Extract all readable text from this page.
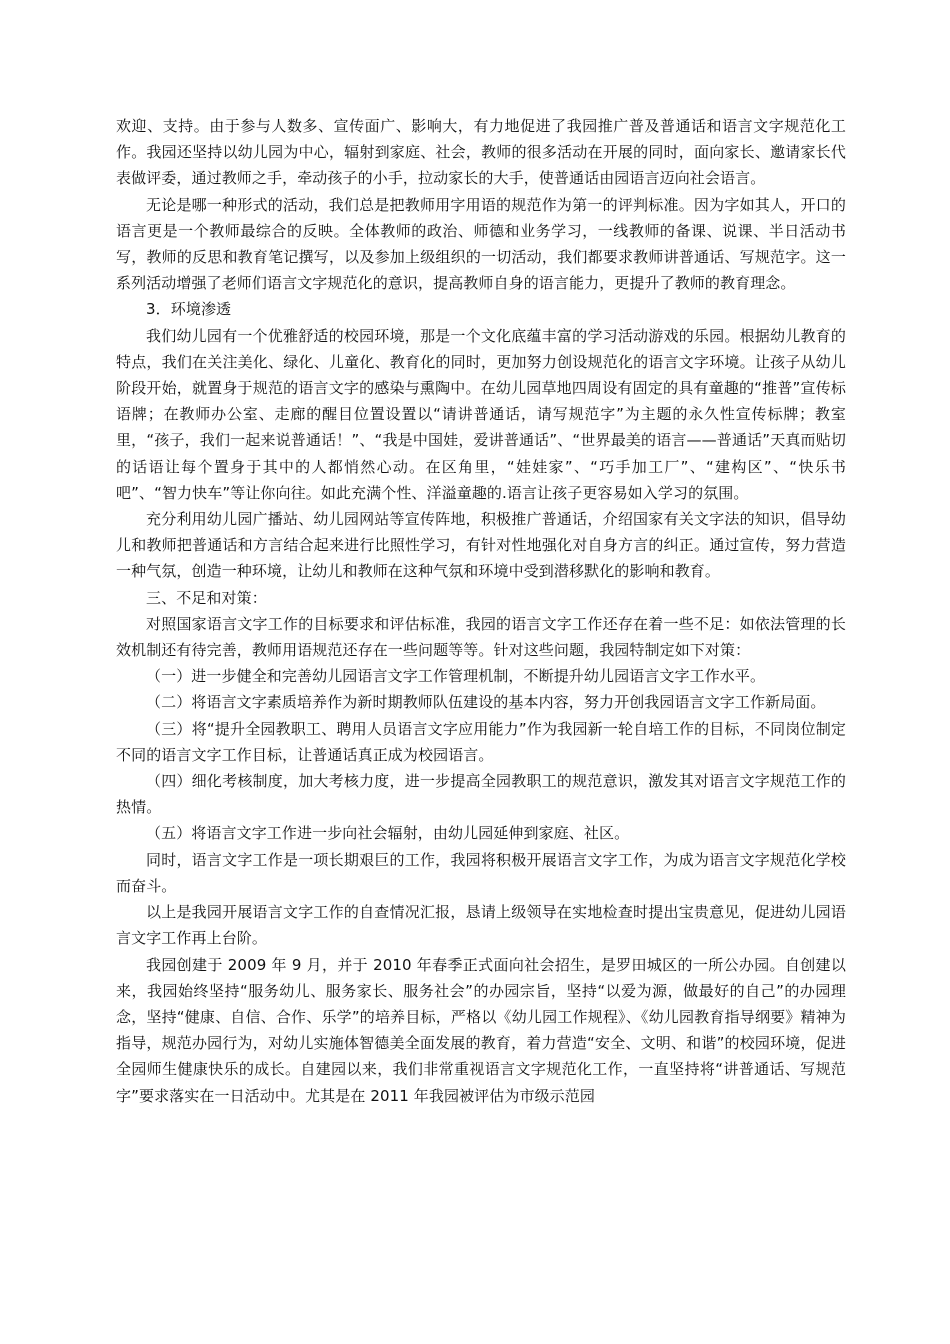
欢迎、支持。由于参与人数多、宣传面广、影响大，有力地促进了我园推广普及普通话和语言文字规范化工作。我园还坚持以幼儿园为中心，辐射到家庭、社会，教师的很多活动在开展的同时，面向家长、邀请家长代表做评委，通过教师之手，牵动孩子的小手，拉动家长的大手，使普通话由园语言迈向社会语言。

无论是哪一种形式的活动，我们总是把教师用字用语的规范作为第一的评判标准。因为字如其人，开口的语言更是一个教师最综合的反映。全体教师的政治、师德和业务学习，一线教师的备课、说课、半日活动书写，教师的反思和教育笔记撰写，以及参加上级组织的一切活动，我们都要求教师讲普通话、写规范字。这一系列活动增强了老师们语言文字规范化的意识，提高教师自身的语言能力，更提升了教师的教育理念。

3．环境渗透

我们幼儿园有一个优雅舒适的校园环境，那是一个文化底蕴丰富的学习活动游戏的乐园。根据幼儿教育的特点，我们在关注美化、绿化、儿童化、教育化的同时，更加努力创设规范化的语言文字环境。让孩子从幼儿阶段开始，就置身于规范的语言文字的感染与熏陶中。在幼儿园草地四周设有固定的具有童趣的“推普”宣传标语牌；在教师办公室、走廊的醒目位置设置以“请讲普通话，请写规范字”为主题的永久性宣传标牌；教室里，“孩子，我们一起来说普通话！”、“我是中国娃，爱讲普通话”、“世界最美的语言——普通话”天真而贴切的话语让每个置身于其中的人都悄然心动。在区角里，“娃娃家”、“巧手加工厂”、“建构区”、“快乐书吧”、“智力快车”等让你向往。如此充满个性、洋溢童趣的.语言让孩子更容易如入学习的氛围。

充分利用幼儿园广播站、幼儿园网站等宣传阵地，积极推广普通话，介绍国家有关文字法的知识，倡导幼儿和教师把普通话和方言结合起来进行比照性学习，有针对性地强化对自身方言的纠正。通过宣传，努力营造一种气氛，创造一种环境，让幼儿和教师在这种气氛和环境中受到潜移默化的影响和教育。

三、不足和对策：

对照国家语言文字工作的目标要求和评估标准，我园的语言文字工作还存在着一些不足：如依法管理的长效机制还有待完善，教师用语规范还存在一些问题等等。针对这些问题，我园特制定如下对策：

（一）进一步健全和完善幼儿园语言文字工作管理机制，不断提升幼儿园语言文字工作水平。

（二）将语言文字素质培养作为新时期教师队伍建设的基本内容，努力开创我园语言文字工作新局面。

（三）将“提升全园教职工、聘用人员语言文字应用能力”作为我园新一轮自培工作的目标，不同岗位制定不同的语言文字工作目标，让普通话真正成为校园语言。

（四）细化考核制度，加大考核力度，进一步提高全园教职工的规范意识，激发其对语言文字规范工作的热情。

（五）将语言文字工作进一步向社会辐射，由幼儿园延伸到家庭、社区。

同时，语言文字工作是一项长期艰巨的工作，我园将积极开展语言文字工作，为成为语言文字规范化学校而奋斗。

以上是我园开展语言文字工作的自查情况汇报，恳请上级领导在实地检查时提出宝贵意见，促进幼儿园语言文字工作再上台阶。

我园创建于 2009 年 9 月，并于 2010 年春季正式面向社会招生，是罗田城区的一所公办园。自创建以来，我园始终坚持“服务幼儿、服务家长、服务社会”的办园宗旨，坚持“以爱为源，做最好的自己”的办园理念，坚持“健康、自信、合作、乐学”的培养目标，严格以《幼儿园工作规程》、《幼儿园教育指导纲要》精神为指导，规范办园行为，对幼儿实施体智德美全面发展的教育，着力营造“安全、文明、和谐”的校园环境，促进全园师生健康快乐的成长。自建园以来，我们非常重视语言文字规范化工作，一直坚持将“讲普通话、写规范字”要求落实在一日活动中。尤其是在 2011 年我园被评估为市级示范园
